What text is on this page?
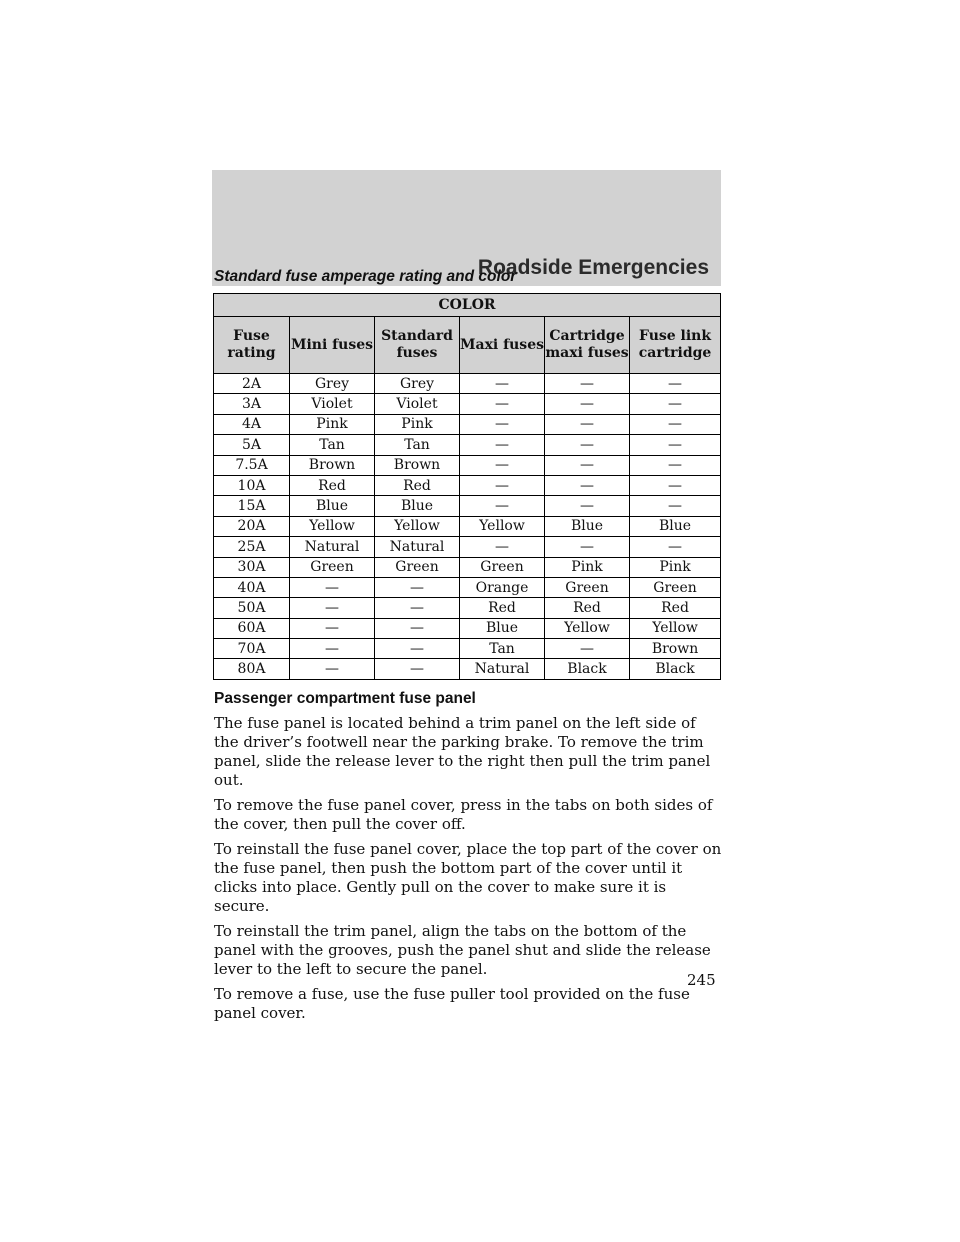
Roadside Emergencies
Standard fuse amperage rating and color
COLOR					
Fuse rating	Mini fuses	Standard fuses	Maxi fuses	Cartridge maxi fuses	Fuse link cartridge
2A	Grey	Grey	—	—	—
3A	Violet	Violet	—	—	—
4A	Pink	Pink	—	—	—
5A	Tan	Tan	—	—	—
7.5A	Brown	Brown	—	—	—
10A	Red	Red	—	—	—
15A	Blue	Blue	—	—	—
20A	Yellow	Yellow	Yellow	Blue	Blue
25A	Natural	Natural	—	—	—
30A	Green	Green	Green	Pink	Pink
40A	—	—	Orange	Green	Green
50A	—	—	Red	Red	Red
60A	—	—	Blue	Yellow	Yellow
70A	—	—	Tan	—	Brown
80A	—	—	Natural	Black	Black
Passenger compartment fuse panel

The fuse panel is located behind a trim panel on the left side of the driver’s footwell near the parking brake. To remove the trim panel, slide the release lever to the right then pull the trim panel out.

To remove the fuse panel cover, press in the tabs on both sides of the cover, then pull the cover off.

To reinstall the fuse panel cover, place the top part of the cover on the fuse panel, then push the bottom part of the cover until it clicks into place. Gently pull on the cover to make sure it is secure.

To reinstall the trim panel, align the tabs on the bottom of the panel with the grooves, push the panel shut and slide the release lever to the left to secure the panel.

To remove a fuse, use the fuse puller tool provided on the fuse panel cover.

245
